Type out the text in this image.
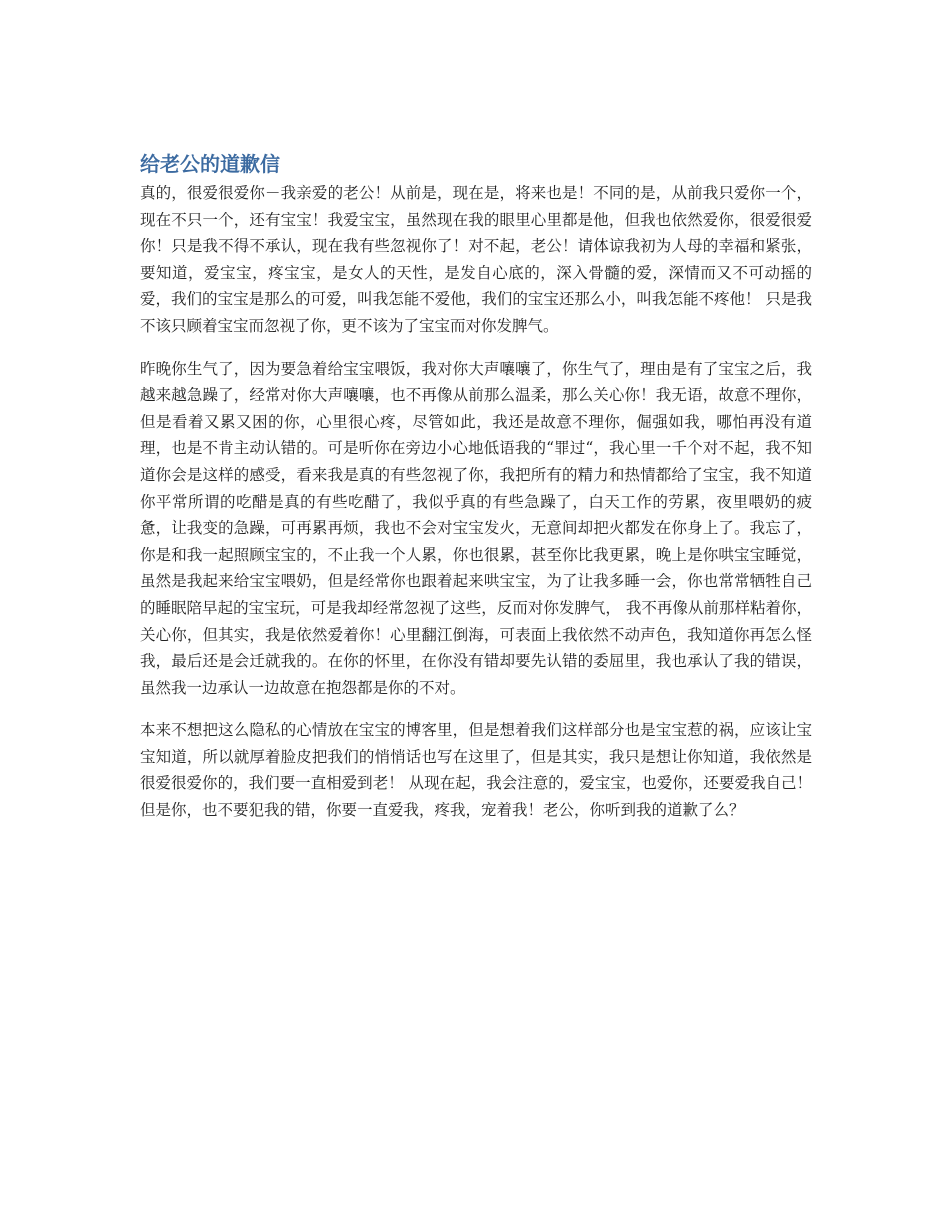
给老公的道歉信

真的，很爱很爱你－我亲爱的老公！从前是，现在是，将来也是！不同的是，从前我只爱你一个，现在不只一个，还有宝宝！我爱宝宝，虽然现在我的眼里心里都是他，但我也依然爱你，很爱很爱你！只是我不得不承认，现在我有些忽视你了！对不起，老公！请体谅我初为人母的幸福和紧张，要知道，爱宝宝，疼宝宝，是女人的天性，是发自心底的，深入骨髓的爱，深情而又不可动摇的爱，我们的宝宝是那么的可爱，叫我怎能不爱他，我们的宝宝还那么小，叫我怎能不疼他！ 只是我不该只顾着宝宝而忽视了你，更不该为了宝宝而对你发脾气。

昨晚你生气了，因为要急着给宝宝喂饭，我对你大声嚷嚷了，你生气了，理由是有了宝宝之后，我越来越急躁了，经常对你大声嚷嚷，也不再像从前那么温柔，那么关心你！我无语，故意不理你，但是看着又累又困的你，心里很心疼，尽管如此，我还是故意不理你，倔强如我，哪怕再没有道理，也是不肯主动认错的。可是听你在旁边小心地低语我的“罪过“，我心里一千个对不起，我不知道你会是这样的感受，看来我是真的有些忽视了你，我把所有的精力和热情都给了宝宝，我不知道你平常所谓的吃醋是真的有些吃醋了，我似乎真的有些急躁了，白天工作的劳累，夜里喂奶的疲惫，让我变的急躁，可再累再烦，我也不会对宝宝发火，无意间却把火都发在你身上了。我忘了，你是和我一起照顾宝宝的，不止我一个人累，你也很累，甚至你比我更累，晚上是你哄宝宝睡觉，虽然是我起来给宝宝喂奶，但是经常你也跟着起来哄宝宝，为了让我多睡一会，你也常常牺牲自己的睡眠陪早起的宝宝玩，可是我却经常忽视了这些，反而对你发脾气， 我不再像从前那样粘着你，关心你，但其实，我是依然爱着你！心里翻江倒海，可表面上我依然不动声色，我知道你再怎么怪我，最后还是会迁就我的。在你的怀里，在你没有错却要先认错的委屈里，我也承认了我的错误，虽然我一边承认一边故意在抱怨都是你的不对。

本来不想把这么隐私的心情放在宝宝的博客里，但是想着我们这样部分也是宝宝惹的祸，应该让宝宝知道，所以就厚着脸皮把我们的悄悄话也写在这里了，但是其实，我只是想让你知道，我依然是很爱很爱你的，我们要一直相爱到老！ 从现在起，我会注意的，爱宝宝，也爱你，还要爱我自己！但是你，也不要犯我的错，你要一直爱我，疼我，宠着我！老公，你听到我的道歉了么？
